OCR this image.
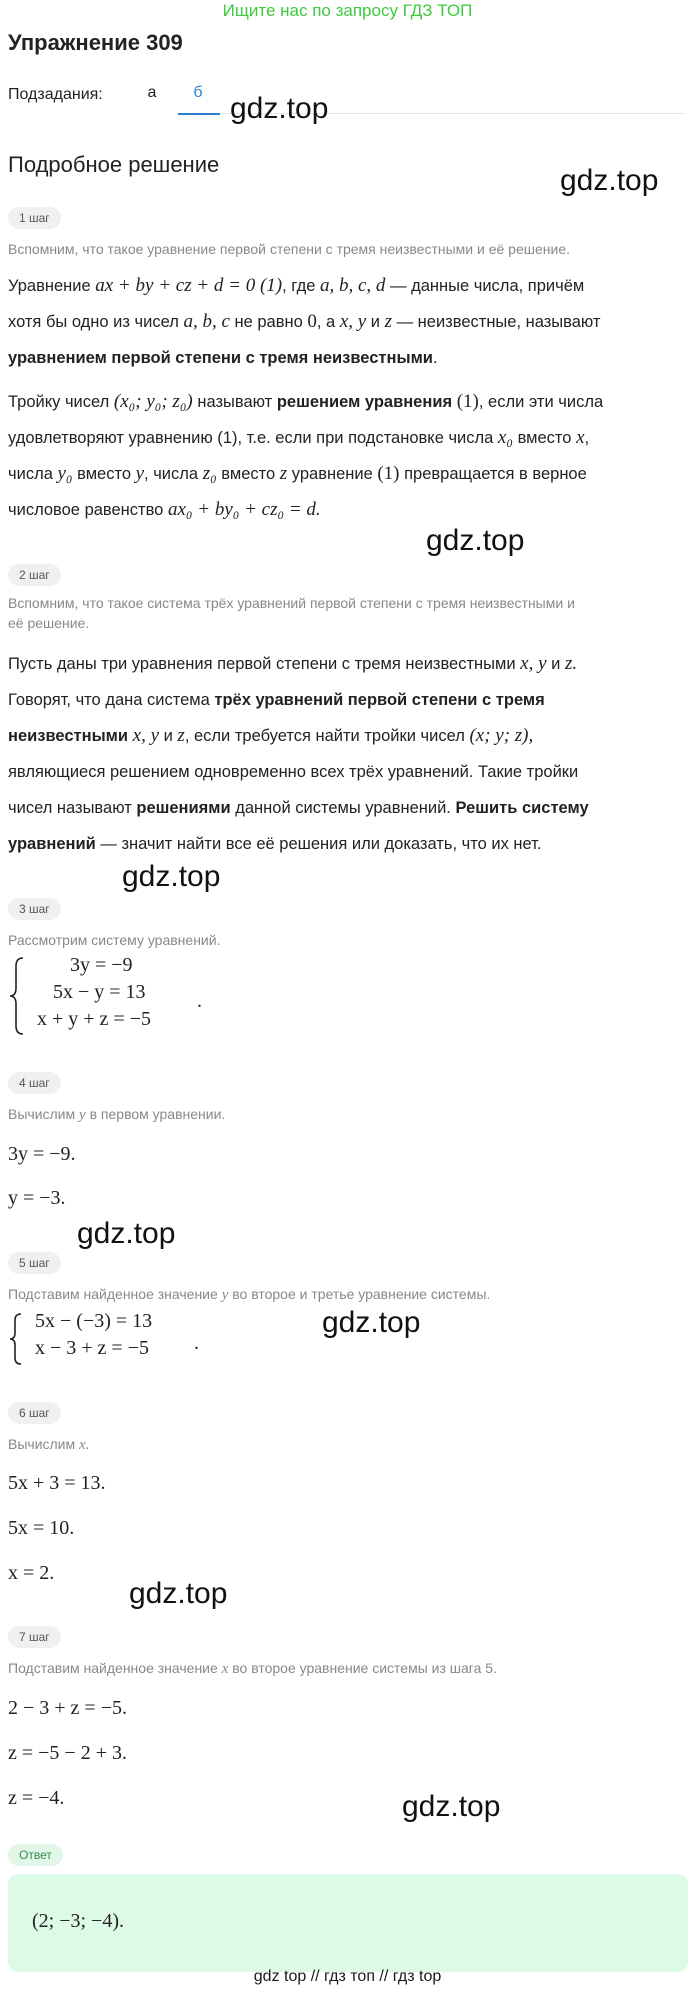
Ищите нас по запросу ГДЗ ТОП
Упражнение 309
Подзадания:	а	б gdz.top
Подробное решение	gdz.top
1 шаг
Вспомним, что такое уравнение первой степени с тремя неизвестными и её решение.
Уравнение ax + by + cz + d = 0 (1), где a, b, c, d — данные числа, причём
хотя бы одно из чисел a, b, c не равно 0, а x, y и z — неизвестные, называют
уравнением первой степени с тремя неизвестными.
Тройку чисел (x₀; y₀; z₀) называют решением уравнения (1), если эти числа
удовлетворяют уравнению (1), т.е. если при подстановке числа x₀ вместо x,
числа y₀ вместо y, числа z₀ вместо z уравнение (1) превращается в верное
числовое равенство ax₀ + by₀ + cz₀ = d.
gdz.top
2 шаг
Вспомним, что такое система трёх уравнений первой степени с тремя неизвестными и
её решение.
Пусть даны три уравнения первой степени с тремя неизвестными x, y и z.
Говорят, что дана система трёх уравнений первой степени с тремя
неизвестными x, y и z, если требуется найти тройки чисел (x; y; z),
являющиеся решением одновременно всех трёх уравнений. Такие тройки
чисел называют решениями данной системы уравнений. Решить систему
уравнений — значит найти все её решения или доказать, что их нет.
gdz.top
3 шаг
Рассмотрим систему уравнений.
3y = −9
5x − y = 13
x + y + z = −5
.
4 шаг
Вычислим y в первом уравнении.
3y = −9.
y = −3.
gdz.top
5 шаг
Подставим найденное значение y во второе и третье уравнение системы.
5x − (−3) = 13
x − 3 + z = −5 .
gdz.top
6 шаг
Вычислим x.
5x + 3 = 13.
5x = 10.
x = 2.
gdz.top
7 шаг
Подставим найденное значение x во второе уравнение системы из шага 5.
2 − 3 + z = −5.
z = −5 − 2 + 3.
z = −4.	gdz.top
Ответ
(2; −3; −4).
gdz top // гдз топ // гдз top
